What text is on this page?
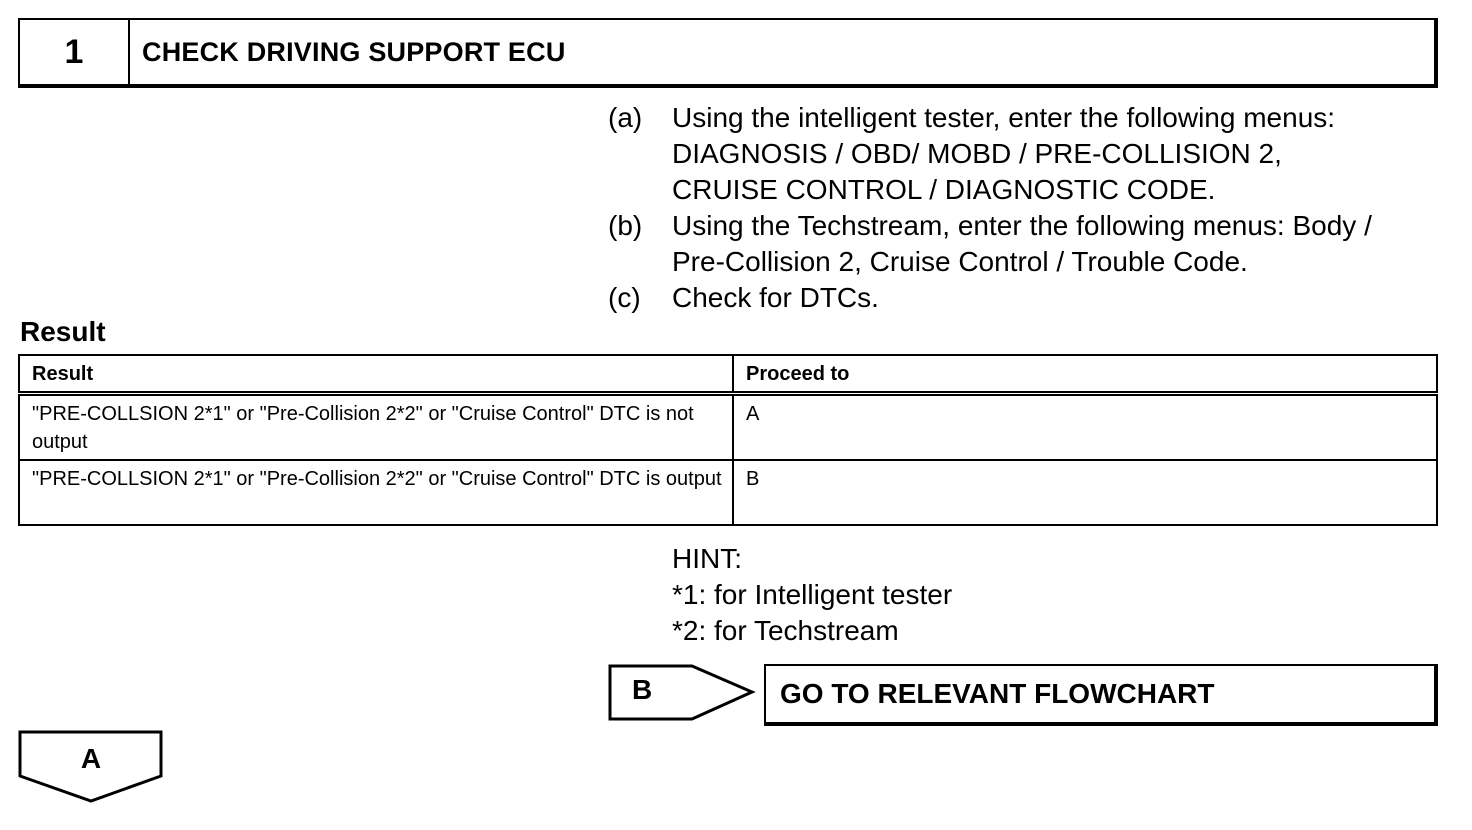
1	CHECK DRIVING SUPPORT ECU
(a)	Using the intelligent tester, enter the following menus:
DIAGNOSIS / OBD/ MOBD / PRE-COLLISION 2,
CRUISE CONTROL / DIAGNOSTIC CODE.
(b)	Using the Techstream, enter the following menus: Body /
Pre-Collision 2, Cruise Control / Trouble Code.
(c)	Check for DTCs.
Result
Result	Proceed to
"PRE-COLLSION 2*1" or "Pre-Collision 2*2" or "Cruise Control" DTC is not output	A
"PRE-COLLSION 2*1" or "Pre-Collision 2*2" or "Cruise Control" DTC is output	B
HINT:
*1: for Intelligent tester
*2: for Techstream
B	GO TO RELEVANT FLOWCHART
A
